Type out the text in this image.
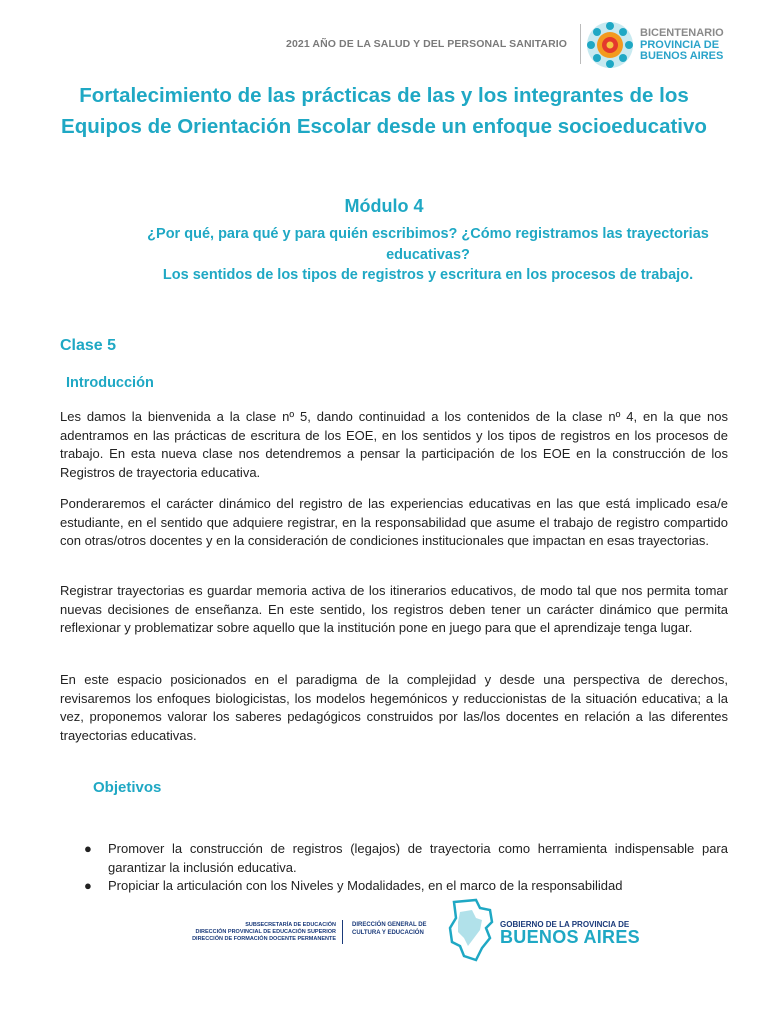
2021 AÑO DE LA SALUD Y DEL PERSONAL SANITARIO
BICENTENARIO
PROVINCIA DE
BUENOS AIRES
Fortalecimiento de las prácticas de las y los integrantes de los Equipos de Orientación Escolar desde un enfoque socioeducativo
Módulo 4
¿Por qué, para qué y para quién escribimos? ¿Cómo registramos las trayectorias educativas?
Los sentidos de los tipos de registros y escritura en los procesos de trabajo.
Clase 5
Introducción

Les damos la bienvenida a la clase nº 5, dando continuidad a los contenidos de la clase nº 4, en la que nos adentramos en las prácticas de escritura de los EOE, en los sentidos y los tipos de registros en los procesos de trabajo. En esta nueva clase nos detendremos a pensar la participación de los EOE en la construcción de los Registros de trayectoria educativa.

Ponderaremos el carácter dinámico del registro de las experiencias educativas en las que está implicado esa/e estudiante, en el sentido que adquiere registrar, en la responsabilidad que asume el trabajo de registro compartido con otras/otros docentes y en la consideración de condiciones institucionales que impactan en esas trayectorias.

Registrar trayectorias es guardar memoria activa de los itinerarios educativos, de modo tal que nos permita tomar nuevas decisiones de enseñanza. En este sentido, los registros deben tener un carácter dinámico que permita reflexionar y problematizar sobre aquello que la institución pone en juego para que el aprendizaje tenga lugar.

En este espacio posicionados en el paradigma de la complejidad y desde una perspectiva de derechos, revisaremos los enfoques biologicistas, los modelos hegemónicos y reduccionistas de la situación educativa; a la vez, proponemos valorar los saberes pedagógicos construidos por las/los docentes en relación a las diferentes trayectorias educativas.

Objetivos
● Promover la construcción de registros (legajos) de trayectoria como herramienta indispensable para garantizar la inclusión educativa.
● Propiciar la articulación con los Niveles y Modalidades, en el marco de la responsabilidad
SUBSECRETARÍA DE EDUCACIÓN
DIRECCIÓN PROVINCIAL DE EDUCACIÓN SUPERIOR
DIRECCIÓN DE FORMACIÓN DOCENTE PERMANENTE
DIRECCIÓN GENERAL DE
CULTURA Y EDUCACIÓN
GOBIERNO DE LA PROVINCIA DE
BUENOS AIRES
